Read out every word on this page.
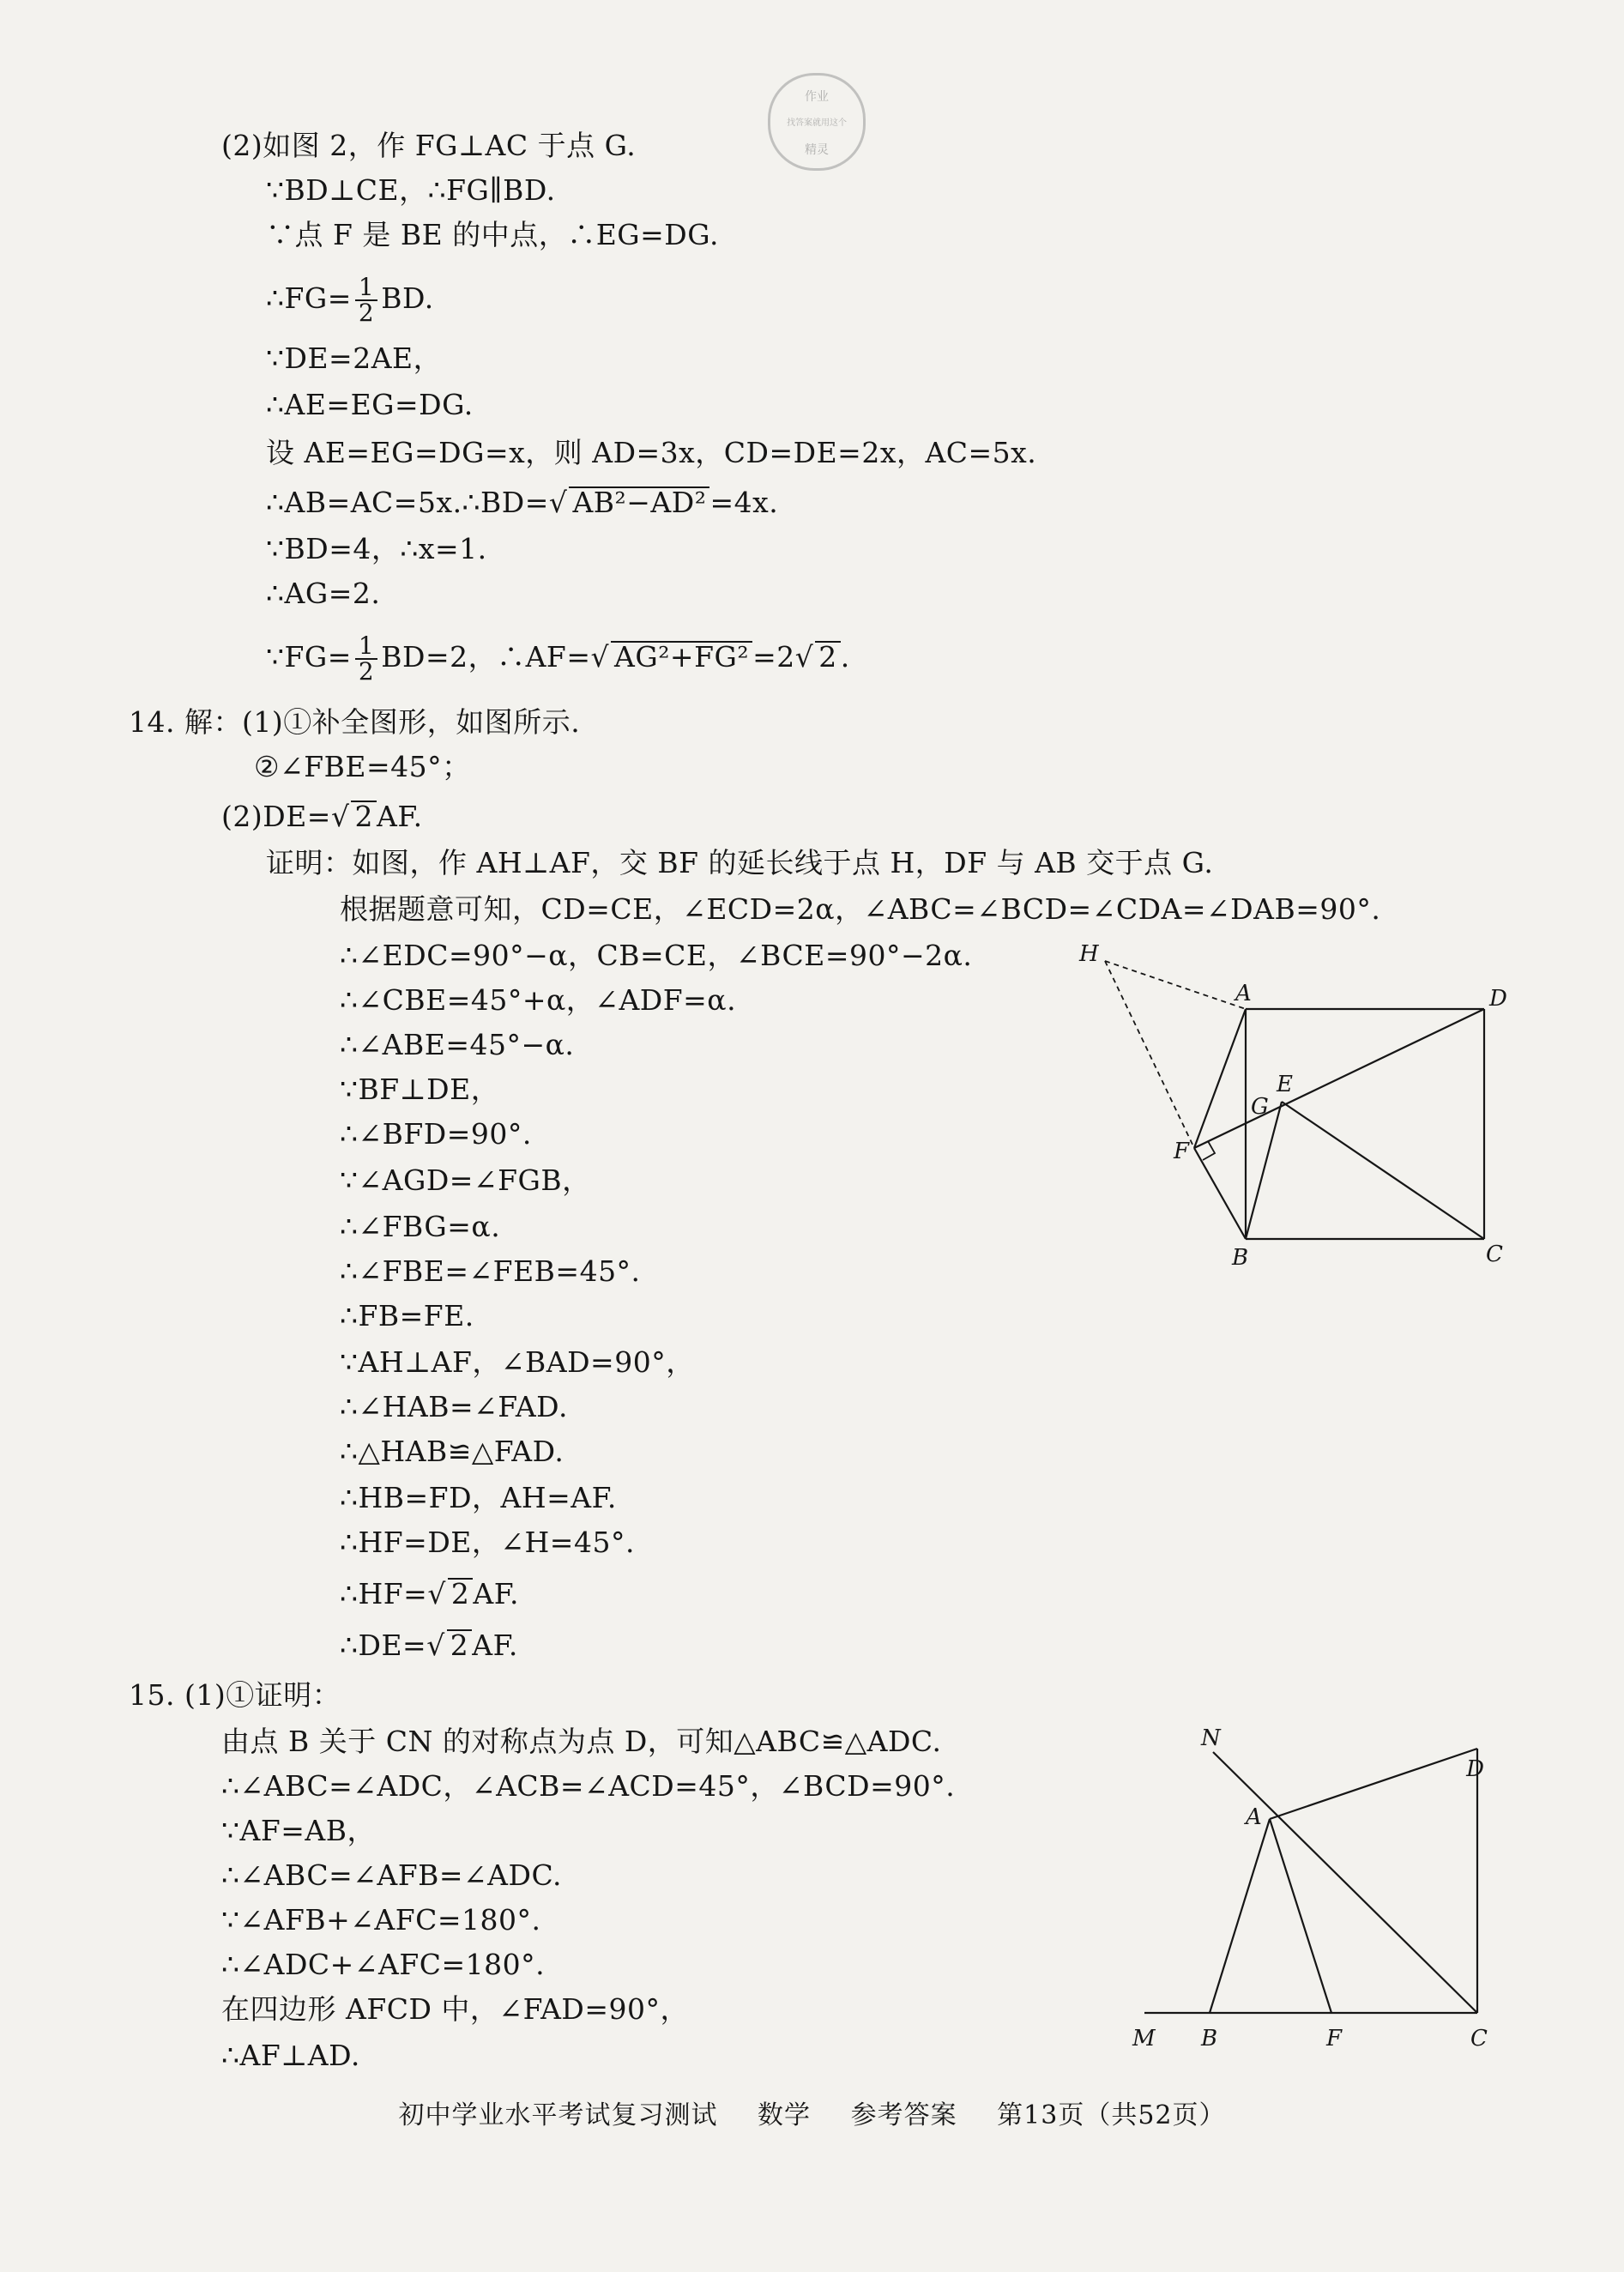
作业
找答案就用这个
精灵
(2)如图 2，作 FG⊥AC 于点 G.
∵BD⊥CE，∴FG∥BD.
∵点 F 是 BE 的中点，∴EG=DG.
∴FG= $\frac{1}{2}$ BD.
∵DE=2AE，
∴AE=EG=DG.
设 AE=EG=DG=x，则 AD=3x，CD=DE=2x，AC=5x.
∴AB=AC=5x.∴BD=√ AB²−AD² =4x.
∵BD=4，∴x=1.
∴AG=2.
∵FG= $\frac{1}{2} BD=2$，∴AF=√ AG²+FG² =2√ 2 .
14. 解：(1)①补全图形，如图所示.
②∠FBE=45°；
(2)DE=√ 2 AF.
证明：如图，作 AH⊥AF，交 BF 的延长线于点 H，DF 与 AB 交于点 G.
根据题意可知，CD=CE，∠ECD=2α，∠ABC=∠BCD=∠CDA=∠DAB=90°.
∴∠EDC=90°−α，CB=CE，∠BCE=90°−2α.
∴∠CBE=45°+α，∠ADF=α.
∴∠ABE=45°−α.
∵BF⊥DE，
∴∠BFD=90°.
∵∠AGD=∠FGB，
∴∠FBG=α.
∴∠FBE=∠FEB=45°.
∴FB=FE.
∵AH⊥AF，∠BAD=90°，
∴∠HAB=∠FAD.
∴△HAB≌△FAD.
∴HB=FD，AH=AF.
∴HF=DE，∠H=45°.
∴HF=√ 2 AF.
∴DE=√ 2 AF.
H
A	D
E
G
F
B	C
15. (1)①证明：
由点 B 关于 CN 的对称点为点 D，可知△ABC≌△ADC.
∴∠ABC=∠ADC，∠ACB=∠ACD=45°，∠BCD=90°.
∵AF=AB，
∴∠ABC=∠AFB=∠ADC.
∵∠AFB+∠AFC=180°.
∴∠ADC+∠AFC=180°.
在四边形 AFCD 中，∠FAD=90°，
∴AF⊥AD.
N
D
A
M B	F	C
初中学业水平考试复习测试 数学 参考答案 第13页（共52页）
